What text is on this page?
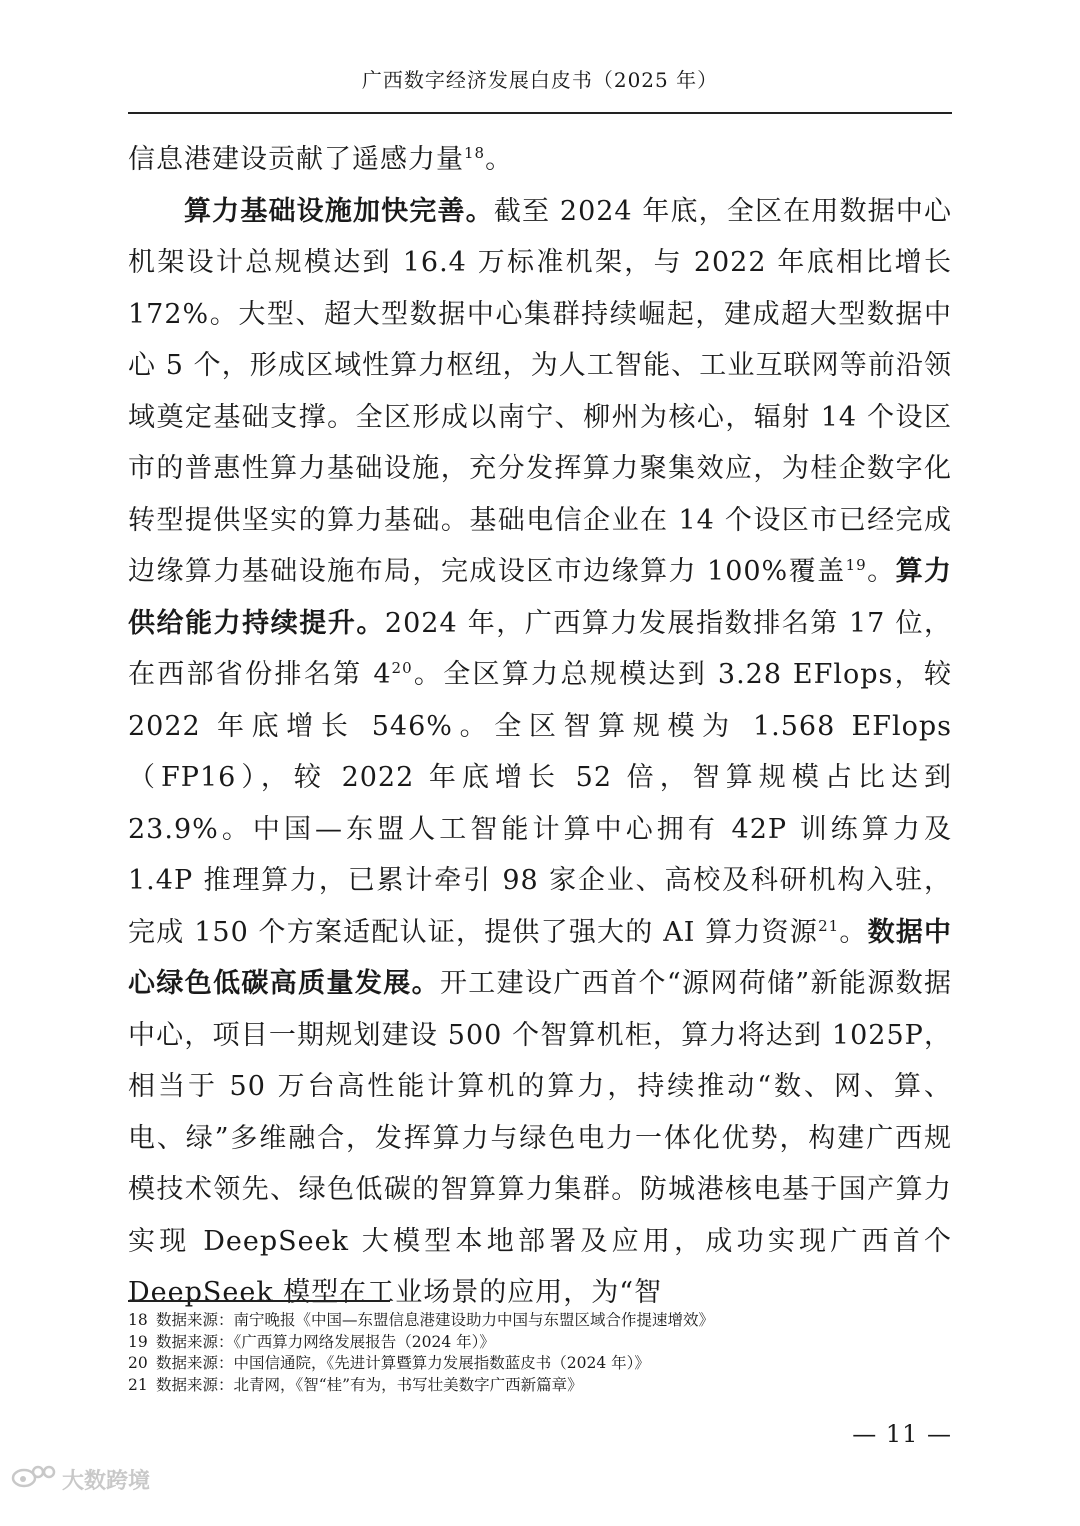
广西数字经济发展白皮书（2025 年）

信息港建设贡献了遥感力量$^{18}$。

算力基础设施加快完善。截至 2024 年底，全区在用数据中心机架设计总规模达到 16.4 万标准机架，与 2022 年底相比增长 172%。大型、超大型数据中心集群持续崛起，建成超大型数据中心 5 个，形成区域性算力枢纽，为人工智能、工业互联网等前沿领域奠定基础支撑。全区形成以南宁、柳州为核心，辐射 14 个设区市的普惠性算力基础设施，充分发挥算力聚集效应，为桂企数字化转型提供坚实的算力基础。基础电信企业在 14 个设区市已经完成边缘算力基础设施布局，完成设区市边缘算力 100%覆盖$^{19}$。算力供给能力持续提升。2024 年，广西算力发展指数排名第 17 位，在西部省份排名第 $4^{20}$。全区算力总规模达到 3.28 EFlops，较 2022 年底增长 546%。全区智算规模为 1.568 EFlops（FP16），较 2022 年底增长 52 倍，智算规模占比达到 23.9%。中国—东盟人工智能计算中心拥有 42P 训练算力及 1.4P 推理算力，已累计牵引 98 家企业、高校及科研机构入驻，完成 150 个方案适配认证，提供了强大的 AI 算力资源$^{21}$。数据中心绿色低碳高质量发展。开工建设广西首个“源网荷储”新能源数据中心，项目一期规划建设 500 个智算机柜，算力将达到 1025P，相当于 50 万台高性能计算机的算力，持续推动“数、网、算、电、绿”多维融合，发挥算力与绿色电力一体化优势，构建广西规模技术领先、绿色低碳的智算算力集群。防城港核电基于国产算力实现 DeepSeek 大模型本地部署及应用，成功实现广西首个 DeepSeek 模型在工业场景的应用，为“智

18 数据来源：南宁晚报《中国—东盟信息港建设助力中国与东盟区域合作提速增效》
19 数据来源：《广西算力网络发展报告（2024 年）》
20 数据来源：中国信通院，《先进计算暨算力发展指数蓝皮书（2024 年）》
21 数据来源：北青网，《智“桂”有为，书写壮美数字广西新篇章》
— 11 —
大数跨境
